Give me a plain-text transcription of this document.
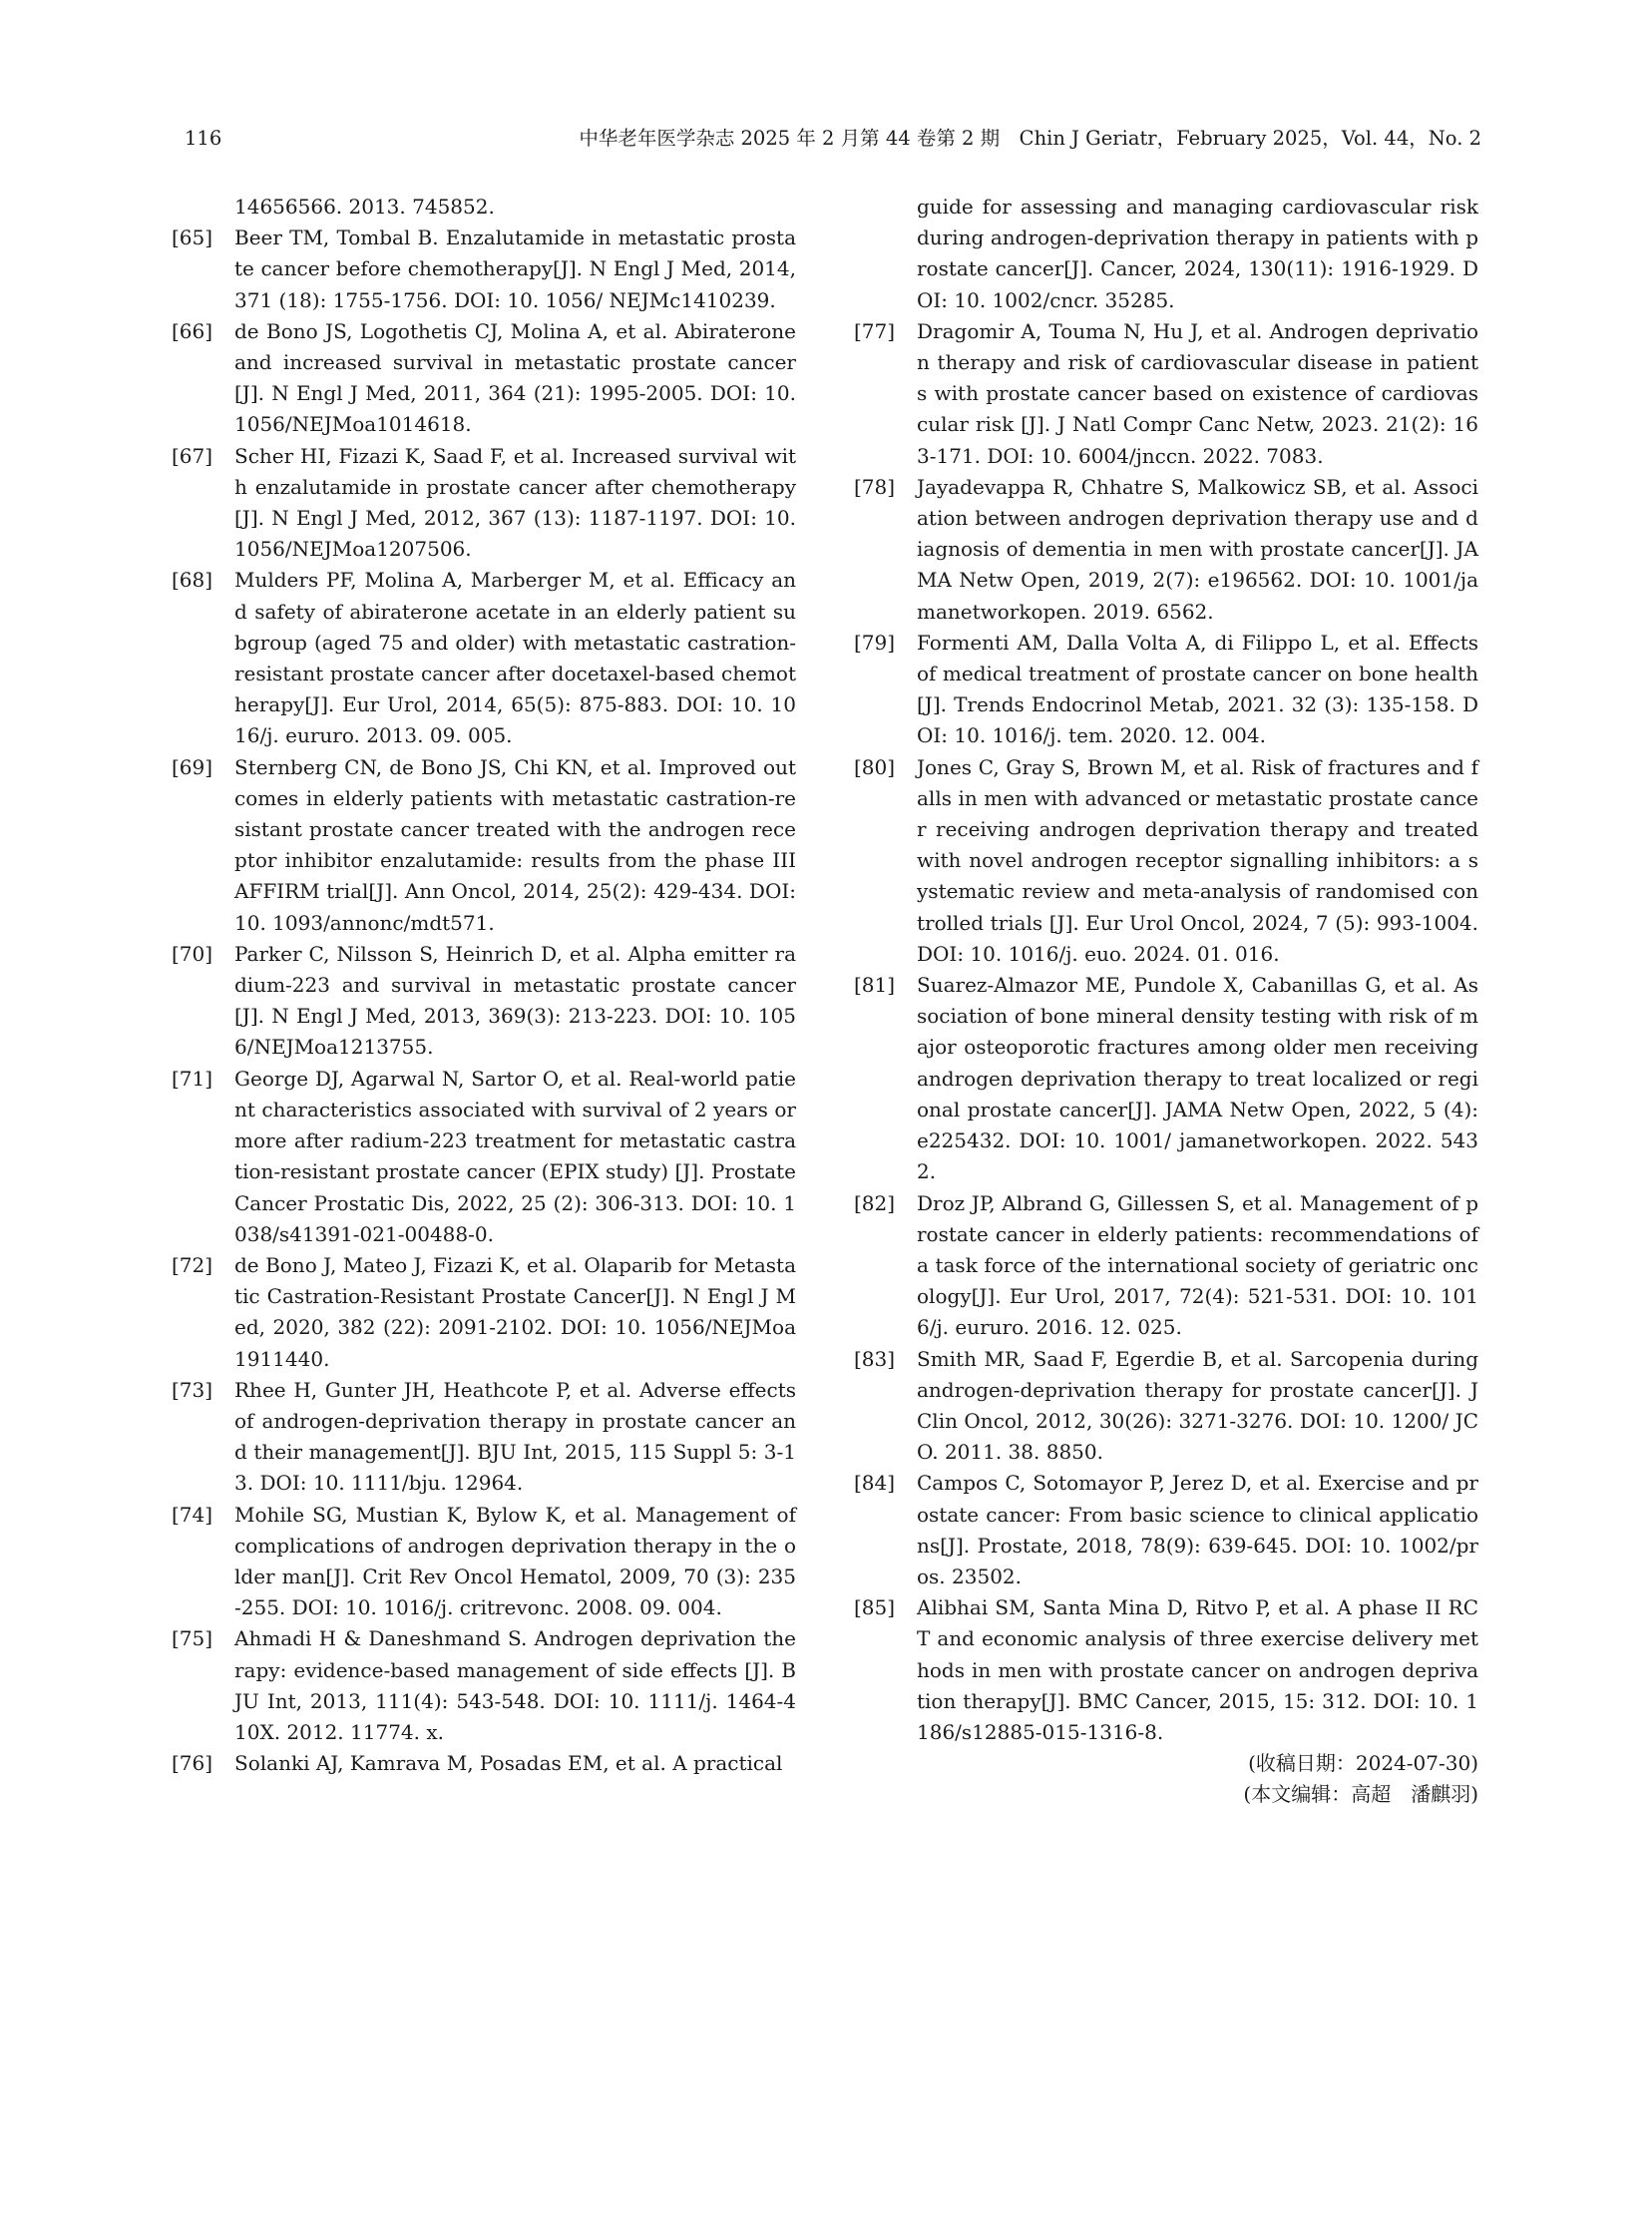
116	中华老年医学杂志 2025 年 2 月第 44 卷第 2 期　Chin J Geriatr，February 2025，Vol. 44，No. 2
14656566. 2013. 745852.
[65] Beer TM, Tombal B. Enzalutamide in metastatic prostate cancer before chemotherapy[J]. N Engl J Med, 2014, 371 (18): 1755-1756. DOI: 10. 1056/ NEJMc1410239.
[66] de Bono JS, Logothetis CJ, Molina A, et al. Abiraterone and increased survival in metastatic prostate cancer[J]. N Engl J Med, 2011, 364 (21): 1995-2005. DOI: 10. 1056/NEJMoa1014618.
[67] Scher HI, Fizazi K, Saad F, et al. Increased survival with enzalutamide in prostate cancer after chemotherapy[J]. N Engl J Med, 2012, 367 (13): 1187-1197. DOI: 10. 1056/NEJMoa1207506.
[68] Mulders PF, Molina A, Marberger M, et al. Efficacy and safety of abiraterone acetate in an elderly patient subgroup (aged 75 and older) with metastatic castration-resistant prostate cancer after docetaxel-based chemotherapy[J]. Eur Urol, 2014, 65(5): 875-883. DOI: 10. 1016/j. eururo. 2013. 09. 005.
[69] Sternberg CN, de Bono JS, Chi KN, et al. Improved outcomes in elderly patients with metastatic castration-resistant prostate cancer treated with the androgen receptor inhibitor enzalutamide: results from the phase III AFFIRM trial[J]. Ann Oncol, 2014, 25(2): 429-434. DOI: 10. 1093/annonc/mdt571.
[70] Parker C, Nilsson S, Heinrich D, et al. Alpha emitter radium-223 and survival in metastatic prostate cancer [J]. N Engl J Med, 2013, 369(3): 213-223. DOI: 10. 1056/NEJMoa1213755.
[71] George DJ, Agarwal N, Sartor O, et al. Real-world patient characteristics associated with survival of 2 years or more after radium-223 treatment for metastatic castration-resistant prostate cancer (EPIX study) [J]. Prostate Cancer Prostatic Dis, 2022, 25 (2): 306-313. DOI: 10. 1038/s41391-021-00488-0.
[72] de Bono J, Mateo J, Fizazi K, et al. Olaparib for Metastatic Castration-Resistant Prostate Cancer[J]. N Engl J Med, 2020, 382 (22): 2091-2102. DOI: 10. 1056/NEJMoa1911440.
[73] Rhee H, Gunter JH, Heathcote P, et al. Adverse effects of androgen-deprivation therapy in prostate cancer and their management[J]. BJU Int, 2015, 115 Suppl 5: 3-13. DOI: 10. 1111/bju. 12964.
[74] Mohile SG, Mustian K, Bylow K, et al. Management of complications of androgen deprivation therapy in the older man[J]. Crit Rev Oncol Hematol, 2009, 70 (3): 235-255. DOI: 10. 1016/j. critrevonc. 2008. 09. 004.
[75] Ahmadi H & Daneshmand S. Androgen deprivation therapy: evidence-based management of side effects [J]. BJU Int, 2013, 111(4): 543-548. DOI: 10. 1111/j. 1464-410X. 2012. 11774. x.
[76] Solanki AJ, Kamrava M, Posadas EM, et al. A practical
guide for assessing and managing cardiovascular risk during androgen-deprivation therapy in patients with prostate cancer[J]. Cancer, 2024, 130(11): 1916-1929. DOI: 10. 1002/cncr. 35285.
[77] Dragomir A, Touma N, Hu J, et al. Androgen deprivation therapy and risk of cardiovascular disease in patients with prostate cancer based on existence of cardiovascular risk [J]. J Natl Compr Canc Netw, 2023. 21(2): 163-171. DOI: 10. 6004/jnccn. 2022. 7083.
[78] Jayadevappa R, Chhatre S, Malkowicz SB, et al. Association between androgen deprivation therapy use and diagnosis of dementia in men with prostate cancer[J]. JAMA Netw Open, 2019, 2(7): e196562. DOI: 10. 1001/jamanetworkopen. 2019. 6562.
[79] Formenti AM, Dalla Volta A, di Filippo L, et al. Effects of medical treatment of prostate cancer on bone health[J]. Trends Endocrinol Metab, 2021. 32 (3): 135-158. DOI: 10. 1016/j. tem. 2020. 12. 004.
[80] Jones C, Gray S, Brown M, et al. Risk of fractures and falls in men with advanced or metastatic prostate cancer receiving androgen deprivation therapy and treated with novel androgen receptor signalling inhibitors: a systematic review and meta-analysis of randomised controlled trials [J]. Eur Urol Oncol, 2024, 7 (5): 993-1004. DOI: 10. 1016/j. euo. 2024. 01. 016.
[81] Suarez-Almazor ME, Pundole X, Cabanillas G, et al. Association of bone mineral density testing with risk of major osteoporotic fractures among older men receiving androgen deprivation therapy to treat localized or regional prostate cancer[J]. JAMA Netw Open, 2022, 5 (4): e225432. DOI: 10. 1001/ jamanetworkopen. 2022. 5432.
[82] Droz JP, Albrand G, Gillessen S, et al. Management of prostate cancer in elderly patients: recommendations of a task force of the international society of geriatric oncology[J]. Eur Urol, 2017, 72(4): 521-531. DOI: 10. 1016/j. eururo. 2016. 12. 025.
[83] Smith MR, Saad F, Egerdie B, et al. Sarcopenia during androgen-deprivation therapy for prostate cancer[J]. J Clin Oncol, 2012, 30(26): 3271-3276. DOI: 10. 1200/ JCO. 2011. 38. 8850.
[84] Campos C, Sotomayor P, Jerez D, et al. Exercise and prostate cancer: From basic science to clinical applications[J]. Prostate, 2018, 78(9): 639-645. DOI: 10. 1002/pros. 23502.
[85] Alibhai SM, Santa Mina D, Ritvo P, et al. A phase II RCT and economic analysis of three exercise delivery methods in men with prostate cancer on androgen deprivation therapy[J]. BMC Cancer, 2015, 15: 312. DOI: 10. 1186/s12885-015-1316-8.
(收稿日期：2024-07-30)
(本文编辑：高超　潘麒羽)
